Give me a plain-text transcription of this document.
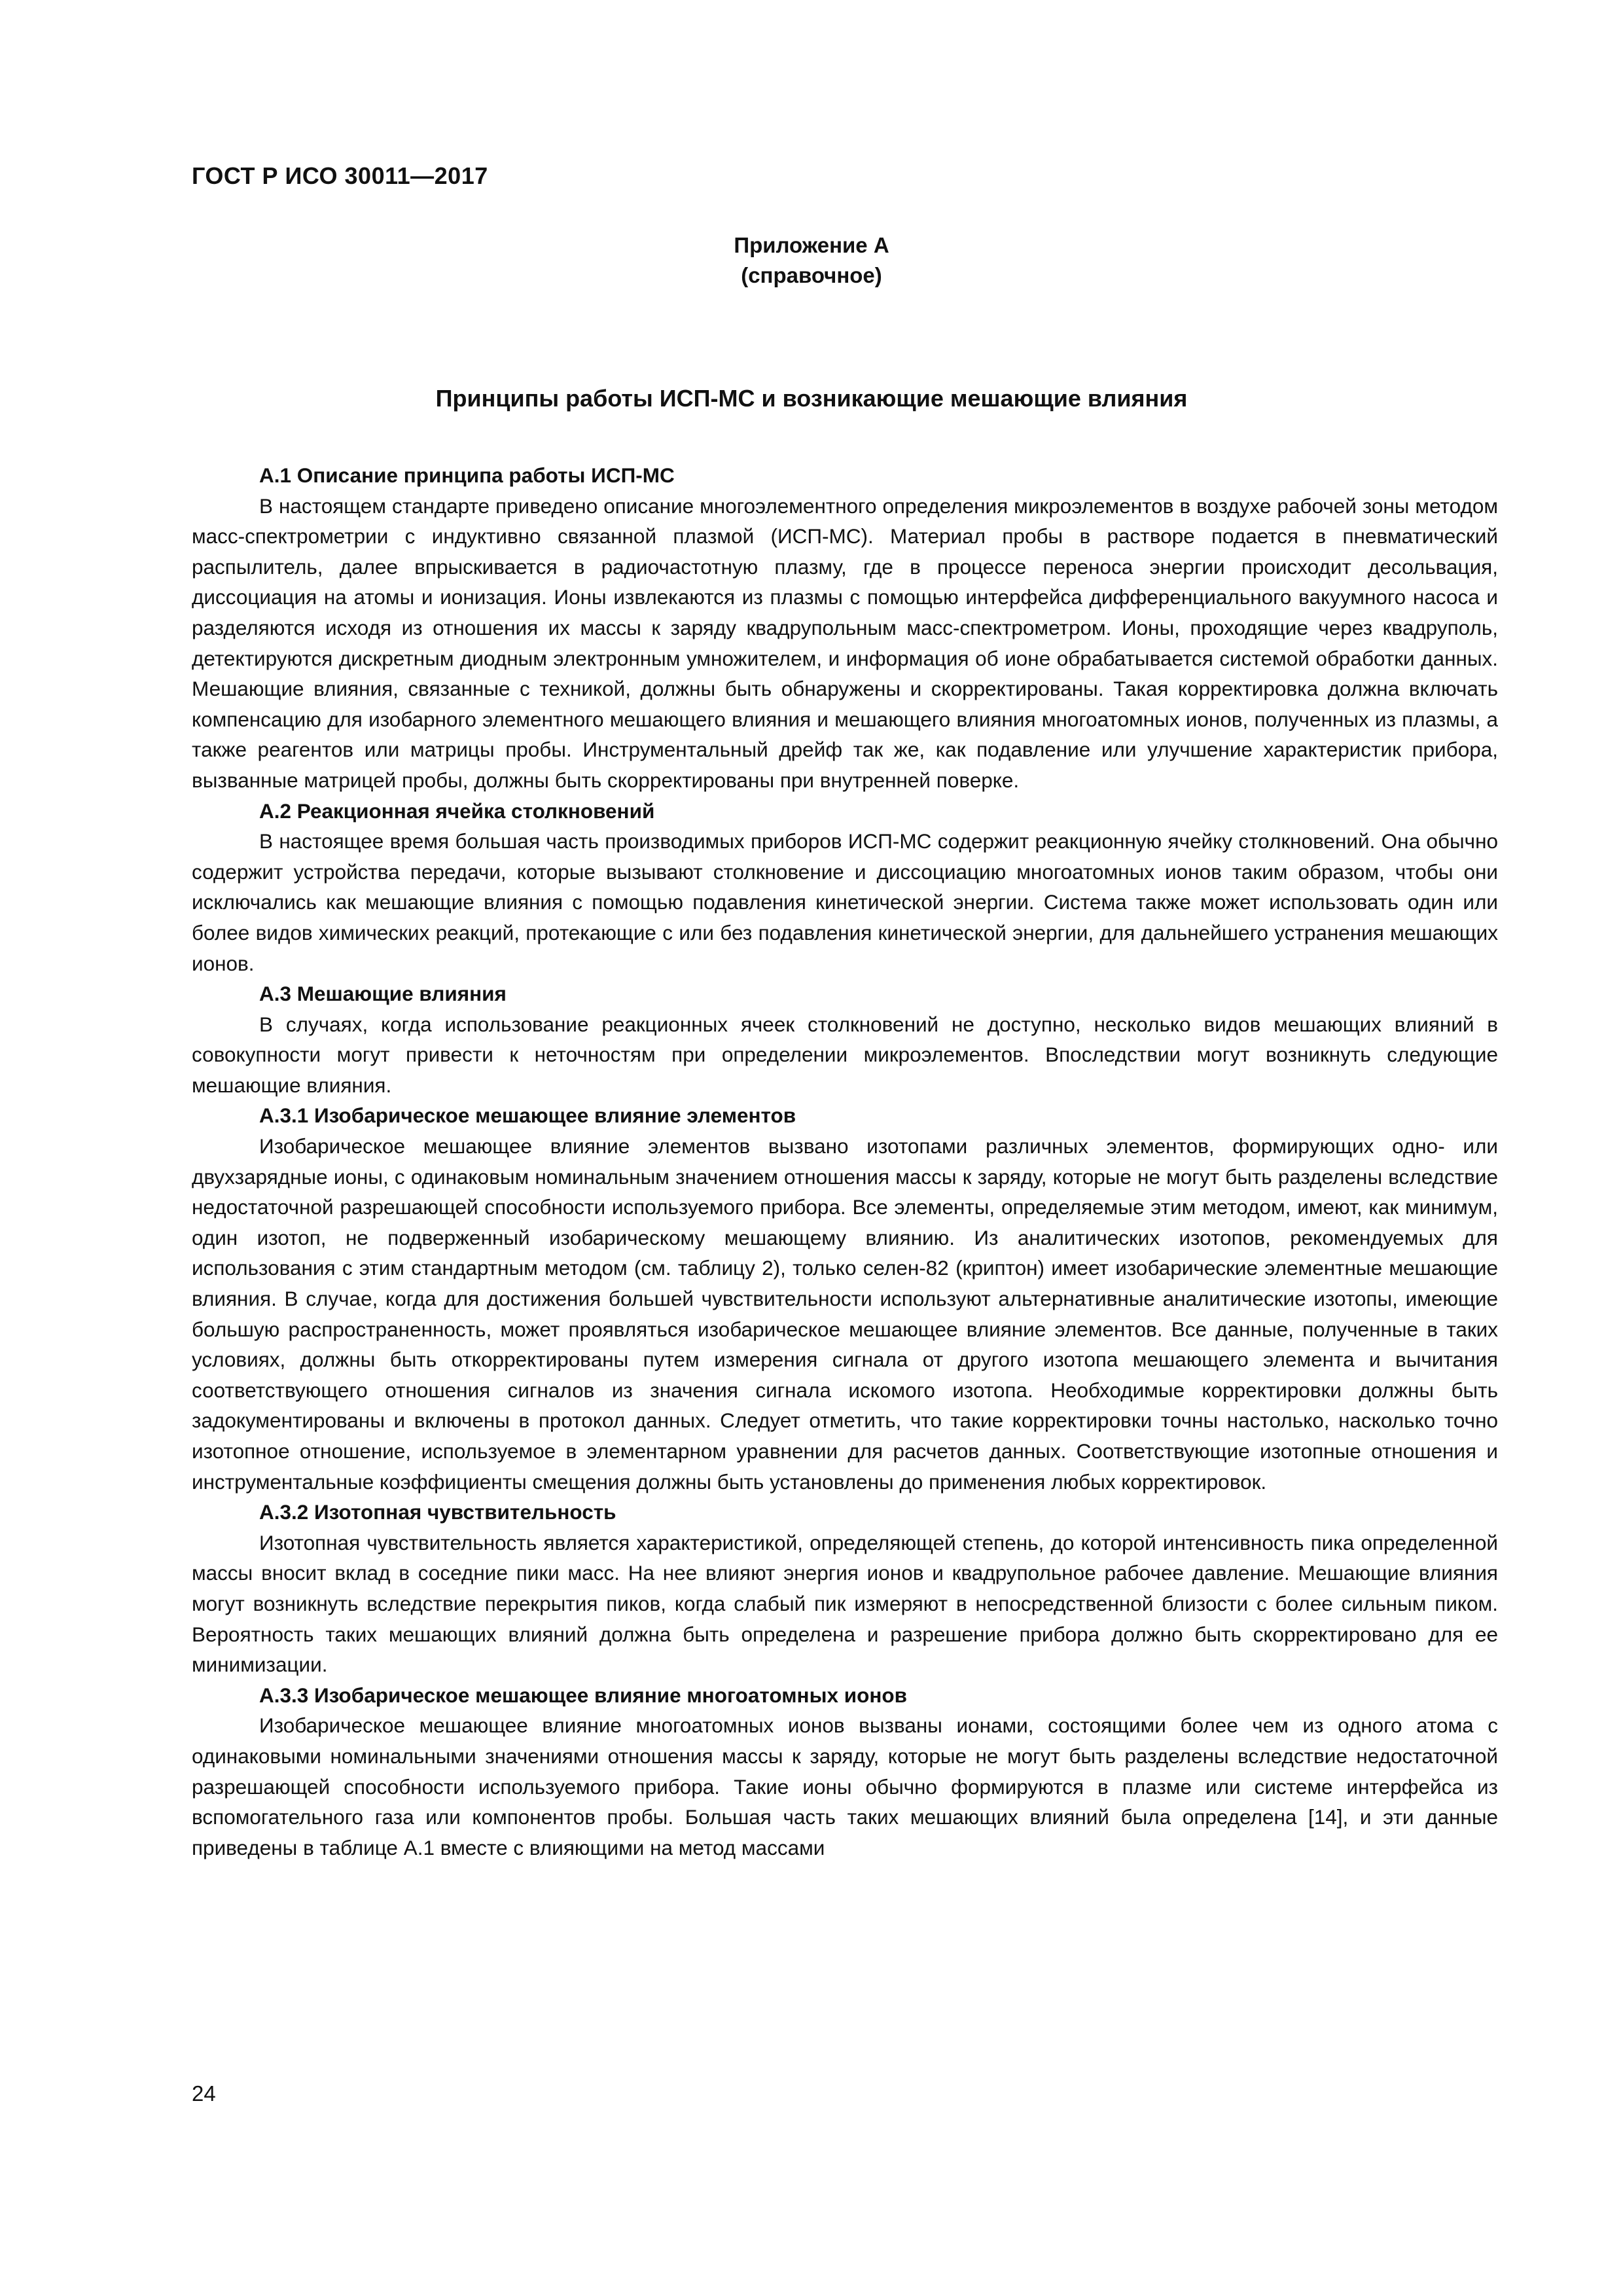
ГОСТ Р ИСО 30011—2017
Приложение А
(справочное)
Принципы работы ИСП-МС и возникающие мешающие влияния

А.1 Описание принципа работы ИСП-МС

В настоящем стандарте приведено описание многоэлементного определения микроэлементов в воздухе рабочей зоны методом масс-спектрометрии с индуктивно связанной плазмой (ИСП-МС). Материал пробы в растворе подается в пневматический распылитель, далее впрыскивается в радиочастотную плазму, где в процессе переноса энергии происходит десольвация, диссоциация на атомы и ионизация. Ионы извлекаются из плазмы с помощью интерфейса дифференциального вакуумного насоса и разделяются исходя из отношения их массы к заряду квадрупольным масс-спектрометром. Ионы, проходящие через квадруполь, детектируются дискретным диодным электронным умножителем, и информация об ионе обрабатывается системой обработки данных. Мешающие влияния, связанные с техникой, должны быть обнаружены и скорректированы. Такая корректировка должна включать компенсацию для изобарного элементного мешающего влияния и мешающего влияния многоатомных ионов, полученных из плазмы, а также реагентов или матрицы пробы. Инструментальный дрейф так же, как подавление или улучшение характеристик прибора, вызванные матрицей пробы, должны быть скорректированы при внутренней поверке.

А.2 Реакционная ячейка столкновений

В настоящее время большая часть производимых приборов ИСП-МС содержит реакционную ячейку столкновений. Она обычно содержит устройства передачи, которые вызывают столкновение и диссоциацию многоатомных ионов таким образом, чтобы они исключались как мешающие влияния с помощью подавления кинетической энергии. Система также может использовать один или более видов химических реакций, протекающие с или без подавления кинетической энергии, для дальнейшего устранения мешающих ионов.

А.3 Мешающие влияния

В случаях, когда использование реакционных ячеек столкновений не доступно, несколько видов мешающих влияний в совокупности могут привести к неточностям при определении микроэлементов. Впоследствии могут возникнуть следующие мешающие влияния.

А.3.1 Изобарическое мешающее влияние элементов

Изобарическое мешающее влияние элементов вызвано изотопами различных элементов, формирующих одно- или двухзарядные ионы, с одинаковым номинальным значением отношения массы к заряду, которые не могут быть разделены вследствие недостаточной разрешающей способности используемого прибора. Все элементы, определяемые этим методом, имеют, как минимум, один изотоп, не подверженный изобарическому мешающему влиянию. Из аналитических изотопов, рекомендуемых для использования с этим стандартным методом (см. таблицу 2), только селен-82 (криптон) имеет изобарические элементные мешающие влияния. В случае, когда для достижения большей чувствительности используют альтернативные аналитические изотопы, имеющие большую распространенность, может проявляться изобарическое мешающее влияние элементов. Все данные, полученные в таких условиях, должны быть откорректированы путем измерения сигнала от другого изотопа мешающего элемента и вычитания соответствующего отношения сигналов из значения сигнала искомого изотопа. Необходимые корректировки должны быть задокументированы и включены в протокол данных. Следует отметить, что такие корректировки точны настолько, насколько точно изотопное отношение, используемое в элементарном уравнении для расчетов данных. Соответствующие изотопные отношения и инструментальные коэффициенты смещения должны быть установлены до применения любых корректировок.

А.3.2 Изотопная чувствительность

Изотопная чувствительность является характеристикой, определяющей степень, до которой интенсивность пика определенной массы вносит вклад в соседние пики масс. На нее влияют энергия ионов и квадрупольное рабочее давление. Мешающие влияния могут возникнуть вследствие перекрытия пиков, когда слабый пик измеряют в непосредственной близости с более сильным пиком. Вероятность таких мешающих влияний должна быть определена и разрешение прибора должно быть скорректировано для ее минимизации.

А.3.3 Изобарическое мешающее влияние многоатомных ионов

Изобарическое мешающее влияние многоатомных ионов вызваны ионами, состоящими более чем из одного атома с одинаковыми номинальными значениями отношения массы к заряду, которые не могут быть разделены вследствие недостаточной разрешающей способности используемого прибора. Такие ионы обычно формируются в плазме или системе интерфейса из вспомогательного газа или компонентов пробы. Большая часть таких мешающих влияний была определена [14], и эти данные приведены в таблице А.1 вместе с влияющими на метод массами

24
